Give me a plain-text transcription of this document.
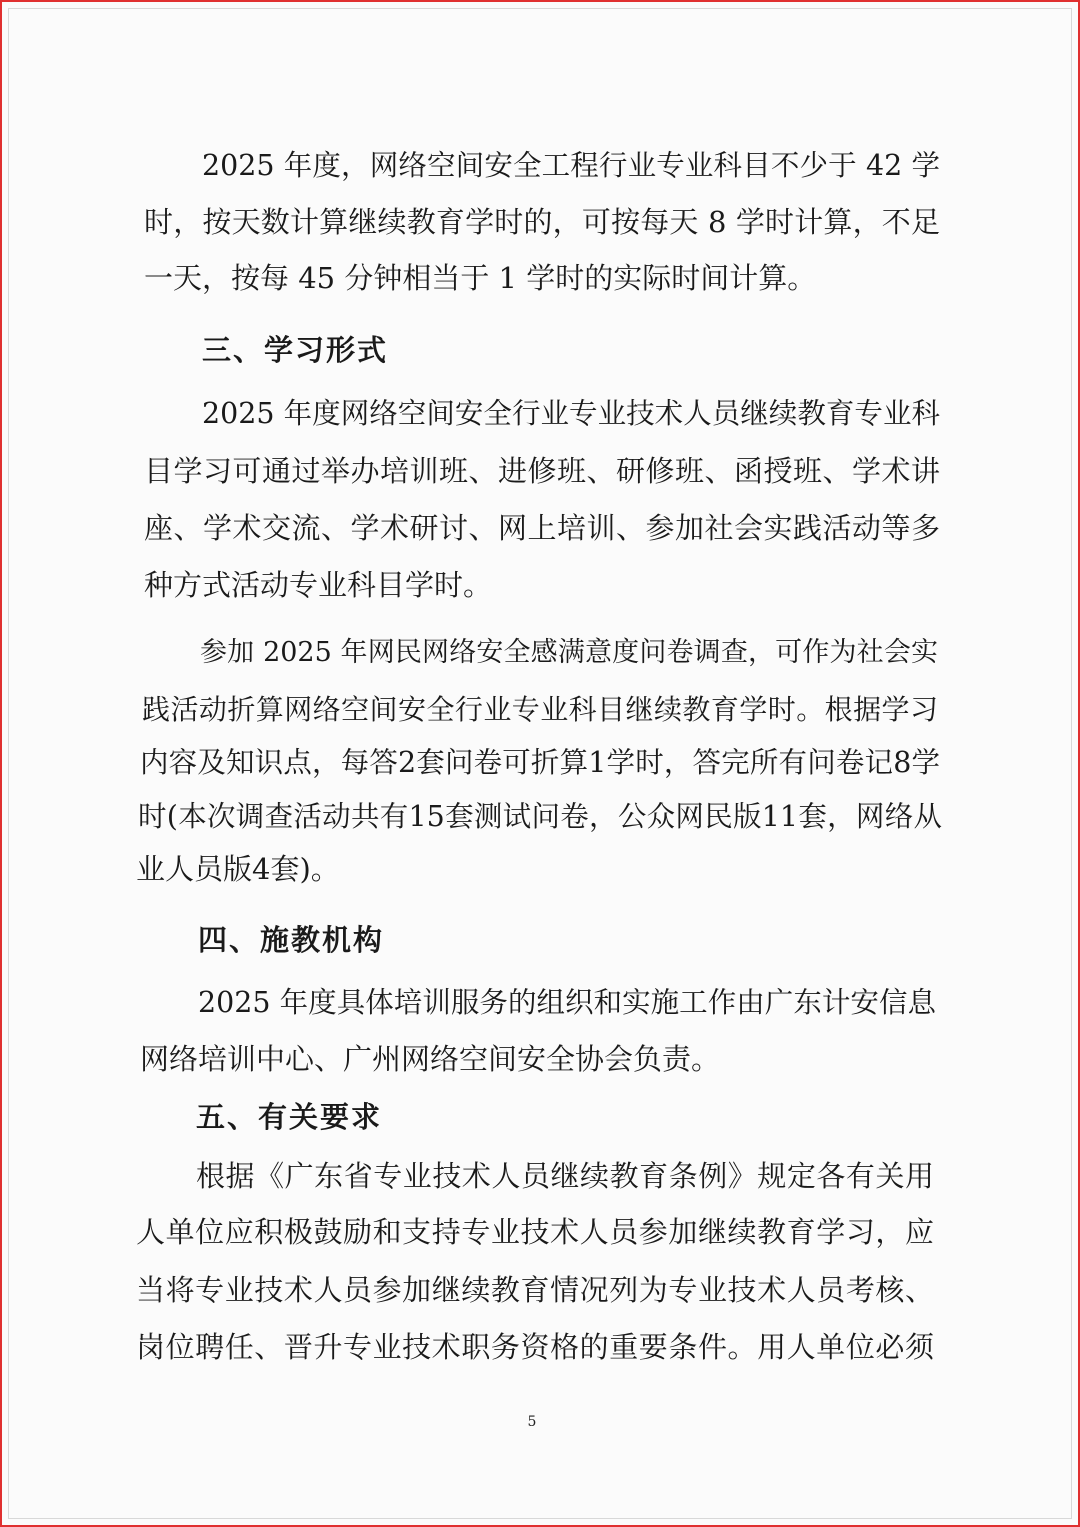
2025 年度，网络空间安全工程行业专业科目不少于 42 学
时，按天数计算继续教育学时的，可按每天 8 学时计算，不足
一天，按每 45 分钟相当于 1 学时的实际时间计算。
三、学习形式
2025 年度网络空间安全行业专业技术人员继续教育专业科
目学习可通过举办培训班、进修班、研修班、函授班、学术讲
座、学术交流、学术研讨、网上培训、参加社会实践活动等多
种方式活动专业科目学时。
参加 2025 年网民网络安全感满意度问卷调查，可作为社会实
践活动折算网络空间安全行业专业科目继续教育学时。根据学习
内容及知识点，每答2套问卷可折算1学时，答完所有问卷记8学
时(本次调查活动共有15套测试问卷，公众网民版11套，网络从
业人员版4套)。
四、施教机构
2025 年度具体培训服务的组织和实施工作由广东计安信息
网络培训中心、广州网络空间安全协会负责。
五、有关要求
根据《广东省专业技术人员继续教育条例》规定各有关用
人单位应积极鼓励和支持专业技术人员参加继续教育学习，应
当将专业技术人员参加继续教育情况列为专业技术人员考核、
岗位聘任、晋升专业技术职务资格的重要条件。用人单位必须
5
